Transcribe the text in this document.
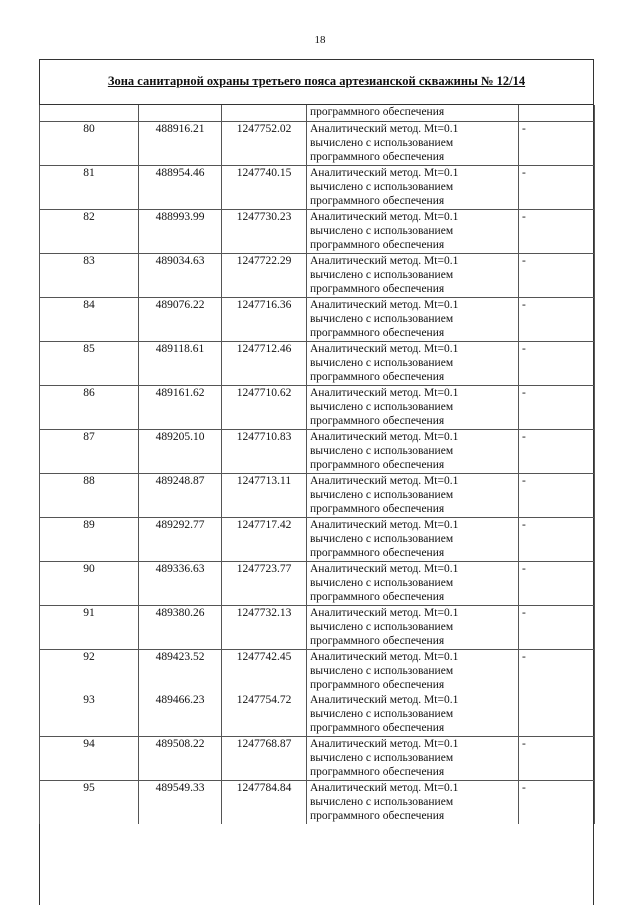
18
Зона санитарной охраны третьего пояса артезианской скважины № 12/14
			программного обеспечения	
80	488916.21	1247752.02	Аналитический метод. Mt=0.1
вычислено с использованием
программного обеспечения	-
81	488954.46	1247740.15	Аналитический метод. Mt=0.1
вычислено с использованием
программного обеспечения	-
82	488993.99	1247730.23	Аналитический метод. Mt=0.1
вычислено с использованием
программного обеспечения	-
83	489034.63	1247722.29	Аналитический метод. Mt=0.1
вычислено с использованием
программного обеспечения	-
84	489076.22	1247716.36	Аналитический метод. Mt=0.1
вычислено с использованием
программного обеспечения	-
85	489118.61	1247712.46	Аналитический метод. Mt=0.1
вычислено с использованием
программного обеспечения	-
86	489161.62	1247710.62	Аналитический метод. Mt=0.1
вычислено с использованием
программного обеспечения	-
87	489205.10	1247710.83	Аналитический метод. Mt=0.1
вычислено с использованием
программного обеспечения	-
88	489248.87	1247713.11	Аналитический метод. Mt=0.1
вычислено с использованием
программного обеспечения	-
89	489292.77	1247717.42	Аналитический метод. Mt=0.1
вычислено с использованием
программного обеспечения	-
90	489336.63	1247723.77	Аналитический метод. Mt=0.1
вычислено с использованием
программного обеспечения	-
91	489380.26	1247732.13	Аналитический метод. Mt=0.1
вычислено с использованием
программного обеспечения	-
92	489423.52	1247742.45	Аналитический метод. Mt=0.1
вычислено с использованием
программного обеспечения	-
93	489466.23	1247754.72	Аналитический метод. Mt=0.1
вычислено с использованием
программного обеспечения	

94	489508.22	1247768.87	Аналитический метод. Mt=0.1
вычислено с использованием
программного обеспечения	-
95	489549.33	1247784.84	Аналитический метод. Mt=0.1
вычислено с использованием
программного обеспечения	-
